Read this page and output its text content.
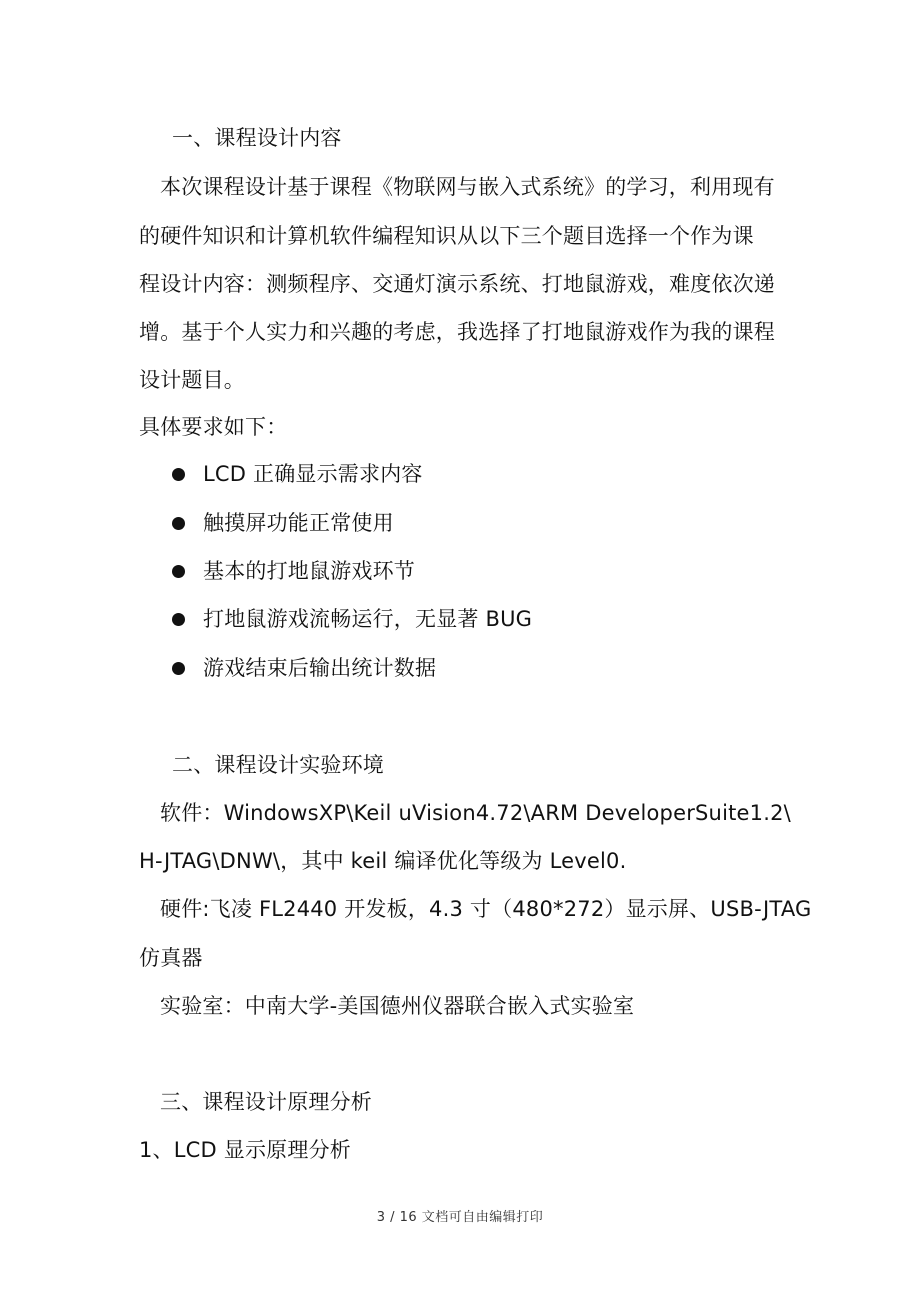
一、课程设计内容
本次课程设计基于课程《物联网与嵌入式系统》的学习，利用现有
的硬件知识和计算机软件编程知识从以下三个题目选择一个作为课
程设计内容：测频程序、交通灯演示系统、打地鼠游戏，难度依次递
增。基于个人实力和兴趣的考虑，我选择了打地鼠游戏作为我的课程
设计题目。
具体要求如下：
LCD 正确显示需求内容
触摸屏功能正常使用
基本的打地鼠游戏环节
打地鼠游戏流畅运行，无显著 BUG
游戏结束后输出统计数据
二、课程设计实验环境
软件：WindowsXP\Keil uVision4.72\ARM DeveloperSuite1.2\
H-JTAG\DNW\，其中 keil 编译优化等级为 Level0.
硬件:飞凌 FL2440 开发板，4.3 寸（480*272）显示屏、USB-JTAG
仿真器
实验室：中南大学-美国德州仪器联合嵌入式实验室
三、课程设计原理分析
1、LCD 显示原理分析
3 / 16 文档可自由编辑打印
